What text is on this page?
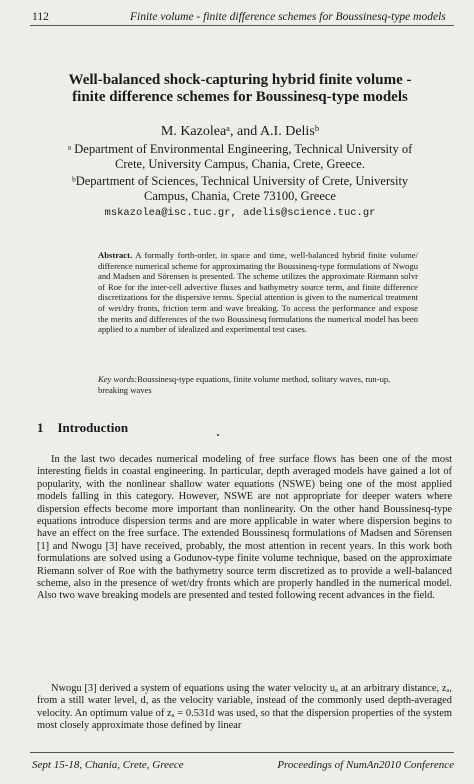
112	Finite volume - finite difference schemes for Boussinesq-type models
Well-balanced shock-capturing hybrid finite volume -
finite difference schemes for Boussinesq-type models
M. Kazoleaᵃ, and A.I. Delisᵇ
ᵃ Department of Environmental Engineering, Technical University of
Crete, University Campus, Chania, Crete, Greece.
ᵇDepartment of Sciences, Technical University of Crete, University
Campus, Chania, Crete 73100, Greece
mskazolea@isc.tuc.gr, adelis@science.tuc.gr
Abstract. A formally forth-order, in space and time, well-balanced hybrid finite volume/ difference numerical scheme for approximating the Boussinesq-type formulations of Nwogu and Madsen and Sörensen is presented. The scheme utilizes the approximate Riemann solvr of Roe for the inter-cell advective fluxes and bathymetry source term, and finite difference discretizations for the dispersive terms. Special attention is given to the numerical treatment of wet/dry fronts, friction term and wave breaking. To access the performance and expose the merits and differences of the two Boussinesq formulations the numerical model has been applied to a number of idealized and experimental test cases.
Key words:Boussinesq-type equations, finite volume method, solitary waves, run-up, breaking waves
1 Introduction
In the last two decades numerical modeling of free surface flows has been one of the most interesting fields in coastal engineering. In particular, depth averaged models have gained a lot of popularity, with the nonlinear shallow water equations (NSWE) being one of the most applied models falling in this category. However, NSWE are not appropriate for deeper waters where dispersion effects become more important than nonlinearity. On the other hand Boussinesq-type equations introduce dispersion terms and are more applicable in water where dispersion begins to have an effect on the free surface. The extended Boussinesq formulations of Madsen and Sörensen [1] and Nwogu [3] have received, probably, the most attention in recent years. In this work both formulations are solved using a Godunov-type finite volume technique, based on the approximate Riemann solver of Roe with the bathymetry source term discretized as to provide a well-balanced scheme, also in the presence of wet/dry fronts which are properly handled in the numerical model. Also two wave breaking models are presented and tested following recent advances in the field.
Nwogu [3] derived a system of equations using the water velocity uₐ at an arbitrary distance, zₐ, from a still water level, d, as the velocity variable, instead of the commonly used depth-averaged velocity. An optimum value of zₐ = 0.531d was used, so that the dispersion properties of the system most closely approximate those defined by linear
Sept 15-18, Chania, Crete, Greece	Proceedings of NumAn2010 Conference
